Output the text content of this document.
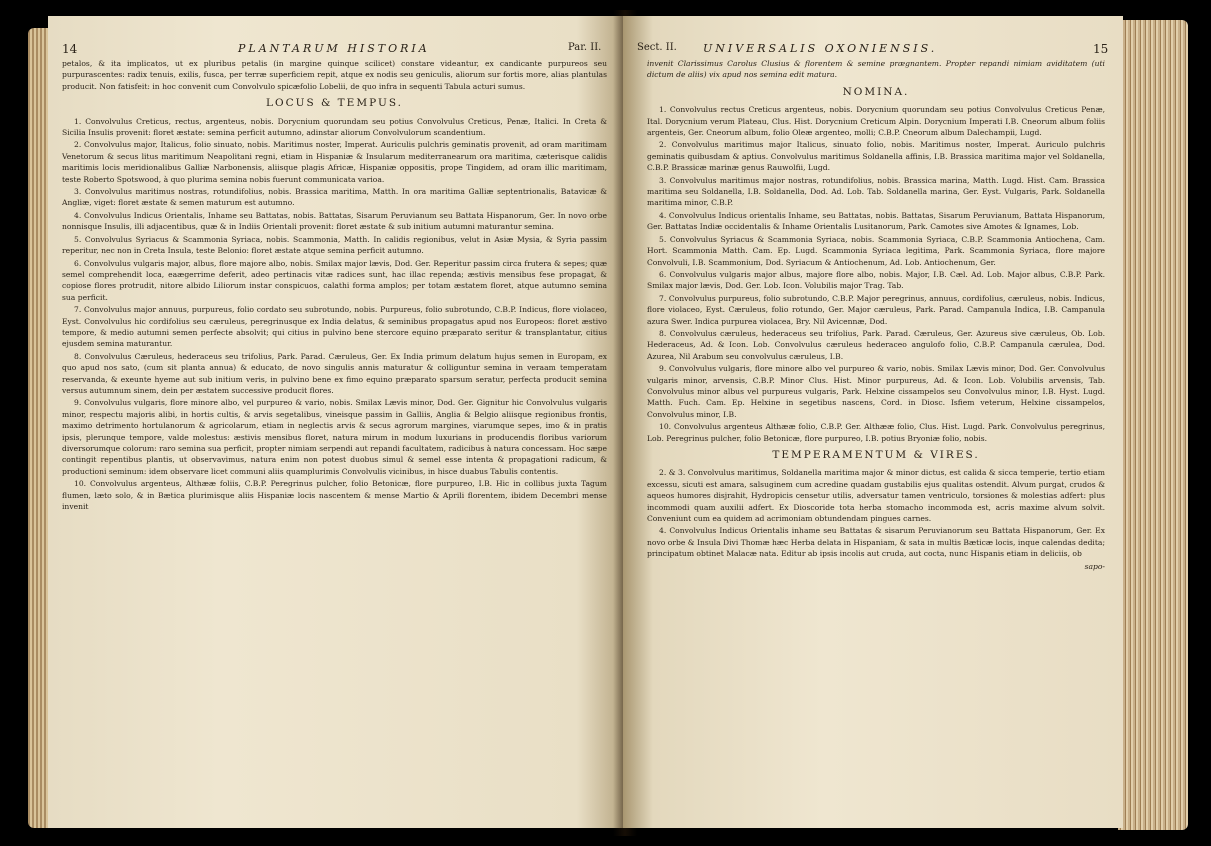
14	PLANTARUM HISTORIA	Par. II.
petalos, & ita implicatos, ut ex pluribus petalis (in margine quinque scilicet) constare videantur, ex candicante purpureos seu purpurascentes: radix tenuis, exilis, fusca, per terræ superficiem repit, atque ex nodis seu geniculis, aliorum sur fortis more, alias plantulas producit. Non fatisfeit: in hoc convenit cum Convolvulo spicæfolio Lobelii, de quo infra in sequenti Tabula acturi sumus.
LOCUS & TEMPUS.

1. Convolvulus Creticus, rectus, argenteus, nobis. Dorycnium quorundam seu potius Convolvulus Creticus, Penæ, Italici. In Creta & Sicilia Insulis provenit: floret æstate: semina perficit autumno, adinstar aliorum Convolvulorum scandentium.

2. Convolvulus major, Italicus, folio sinuato, nobis. Maritimus noster, Imperat. Auriculis pulchris geminatis provenit, ad oram maritimam Venetorum & secus litus maritimum Neapolitani regni, etiam in Hispaniæ & Insularum mediterranearum ora maritima, cæterisque calidis maritimis locis meridionalibus Galliæ Narbonensis, aliisque plagis Africæ, Hispaniæ oppositis, prope Tingidem, ad oram illic maritimam, teste Roberto Spotswood, à quo plurima semina nobis fuerunt communicata varioa.

3. Convolvulus maritimus nostras, rotundifolius, nobis. Brassica maritima, Matth. In ora maritima Galliæ septentrionalis, Batavicæ & Angliæ, viget: floret æstate & semen maturum est autumno.

4. Convolvulus Indicus Orientalis, Inhame seu Battatas, nobis. Battatas, Sisarum Peruvianum seu Battata Hispanorum, Ger. In novo orbe nonnisque Insulis, illi adjacentibus, quæ & in Indiis Orientali provenit: floret æstate & sub initium autumni maturantur semina.

5. Convolvulus Syriacus & Scammonia Syriaca, nobis. Scammonia, Matth. In calidis regionibus, velut in Asiæ Mysia, & Syria passim reperitur, nec non in Creta Insula, teste Belonio: floret æstate atque semina perficit autumno.

6. Convolvulus vulgaris major, albus, flore majore albo, nobis. Smilax major lævis, Dod. Ger. Reperitur passim circa frutera & sepes; quæ semel comprehendit loca, eaægerrime deferit, adeo pertinacis vitæ radices sunt, hac illac rependa; æstivis mensibus fese propagat, & copiose flores protrudit, nitore albido Liliorum instar conspicuos, calathi forma amplos; per totam æstatem floret, atque autumno semina sua perficit.

7. Convolvulus major annuus, purpureus, folio cordato seu subrotundo, nobis. Purpureus, folio subrotundo, C.B.P. Indicus, flore violaceo, Eyst. Convolvulus hic cordifolius seu cæruleus, peregrinusque ex India delatus, & seminibus propagatus apud nos Europeos: floret æstivo tempore, & medio autumni semen perfecte absolvit; qui citius in pulvino bene stercore equino præparato seritur & transplantatur, citius ejusdem semina maturantur.

8. Convolvulus Cæruleus, hederaceus seu trifolius, Park. Parad. Cæruleus, Ger. Ex India primum delatum hujus semen in Europam, ex quo apud nos sato, (cum sit planta annua) & educato, de novo singulis annis maturatur & colliguntur semina in veraam temperatam reservanda, & exeunte hyeme aut sub initium veris, in pulvino bene ex fimo equino præparato sparsum seratur, perfecta producit semina versus autumnum sinem, dein per æstatem successive producit flores.

9. Convolvulus vulgaris, flore minore albo, vel purpureo & vario, nobis. Smilax Lævis minor, Dod. Ger. Gignitur hic Convolvulus vulgaris minor, respectu majoris alibi, in hortis cultis, & arvis segetalibus, vineisque passim in Galliis, Anglia & Belgio aliisque regionibus frontis, maximo detrimento hortulanorum & agricolarum, etiam in neglectis arvis & secus agrorum margines, viarumque sepes, imo & in pratis ipsis, plerunque tempore, valde molestus: æstivis mensibus floret, natura mirum in modum luxurians in producendis floribus variorum diversorumque colorum: raro semina sua perficit, propter nimiam serpendi aut repandi facultatem, radicibus à natura concessam. Hoc sæpe contingit repentibus plantis, ut observavimus, natura enim non potest duobus simul & semel esse intenta & propagationi radicum, & productioni seminum: idem observare licet communi aliis quamplurimis Convolvulis vicinibus, in hisce duabus Tabulis contentis.

10. Convolvulus argenteus, Althææ foliis, C.B.P. Peregrinus pulcher, folio Betonicæ, flore purpureo, I.B. Hic in collibus juxta Tagum flumen, læto solo, & in Bætica plurimisque aliis Hispaniæ locis nascentem & mense Martio & Aprili florentem, ibidem Decembri mense invenit

Sect. II. UNIVERSALIS OXONIENSIS.	15
invenit Clarissimus Carolus Clusius & florentem & semine prægnantem. Propter repandi nimiam aviditatem (uti dictum de aliis) vix apud nos semina edit matura.
NOMINA.

1. Convolvulus rectus Creticus argenteus, nobis. Dorycnium quorundam seu potius Convolvulus Creticus Penæ, Ital. Dorycnium verum Plateau, Clus. Hist. Dorycnium Creticum Alpin. Dorycnium Imperati I.B. Cneorum album foliis argenteis, Ger. Cneorum album, folio Oleæ argenteo, molli; C.B.P. Cneorum album Dalechampii, Lugd.

2. Convolvulus maritimus major Italicus, sinuato folio, nobis. Maritimus noster, Imperat. Auriculo pulchris geminatis quibusdam & aptius. Convolvulus maritimus Soldanella affinis, I.B. Brassica maritima major vel Soldanella, C.B.P. Brassicæ marinæ genus Rauwolfii, Lugd.

3. Convolvulus maritimus major nostras, rotundifolius, nobis. Brassica marina, Matth. Lugd. Hist. Cam. Brassica maritima seu Soldanella, I.B. Soldanella, Dod. Ad. Lob. Tab. Soldanella marina, Ger. Eyst. Vulgaris, Park. Soldanella maritima minor, C.B.P.

4. Convolvulus Indicus orientalis Inhame, seu Battatas, nobis. Battatas, Sisarum Peruvianum, Battata Hispanorum, Ger. Battatas Indiæ occidentalis & Inhame Orientalis Lusitanorum, Park. Camotes sive Amotes & Ignames, Lob.

5. Convolvulus Syriacus & Scammonia Syriaca, nobis. Scammonia Syriaca, C.B.P. Scammonia Antiochena, Cam. Hort. Scammonia Matth. Cam. Ep. Lugd. Scammonia Syriaca legitima, Park. Scammonia Syriaca, flore majore Convolvuli, I.B. Scammonium, Dod. Syriacum & Antiochenum, Ad. Lob. Antiochenum, Ger.

6. Convolvulus vulgaris major albus, majore flore albo, nobis. Major, I.B. Cæl. Ad. Lob. Major albus, C.B.P. Park. Smilax major lævis, Dod. Ger. Lob. Icon. Volubilis major Trag. Tab.

7. Convolvulus purpureus, folio subrotundo, C.B.P. Major peregrinus, annuus, cordifolius, cæruleus, nobis. Indicus, flore violaceo, Eyst. Cæruleus, folio rotundo, Ger. Major cæruleus, Park. Parad. Campanula Indica, I.B. Campanula azura Swer. Indica purpurea violacea, Bry. Nil Avicennæ, Dod.

8. Convolvulus cæruleus, hederaceus seu trifolius, Park. Parad. Cæruleus, Ger. Azureus sive cæruleus, Ob. Lob. Hederaceus, Ad. & Icon. Lob. Convolvulus cæruleus hederaceo angulofo folio, C.B.P. Campanula cærulea, Dod. Azurea, Nil Arabum seu convolvulus cæruleus, I.B.

9. Convolvulus vulgaris, flore minore albo vel purpureo & vario, nobis. Smilax Lævis minor, Dod. Ger. Convolvulus vulgaris minor, arvensis, C.B.P. Minor Clus. Hist. Minor purpureus, Ad. & Icon. Lob. Volubilis arvensis, Tab. Convolvulus minor albus vel purpureus vulgaris, Park. Helxine cissampelos seu Convolvulus minor, I.B. Hyst. Lugd. Matth. Fuch. Cam. Ep. Helxine in segetibus nascens, Cord. in Diosc. Isfiem veterum, Helxine cissampelos, Convolvulus minor, I.B.

10. Convolvulus argenteus Althææ folio, C.B.P. Ger. Althææ folio, Clus. Hist. Lugd. Park. Convolvulus peregrinus, Lob. Peregrinus pulcher, folio Betonicæ, flore purpureo, I.B. potius Bryoniæ folio, nobis.

TEMPERAMENTUM & VIRES.

2. & 3. Convolvulus maritimus, Soldanella maritima major & minor dictus, est calida & sicca temperie, tertio etiam excessu, sicuti est amara, salsuginem cum acredine quadam gustabilis ejus qualitas ostendit. Alvum purgat, crudos & aqueos humores disjrahit, Hydropicis censetur utilis, adversatur tamen ventriculo, torsiones & molestias adfert: plus incommodi quam auxilii adfert. Ex Dioscoride tota herba stomacho incommoda est, acris maxime alvum solvit. Conveniunt cum ea quidem ad acrimoniam obtundendam pingues carnes.

4. Convolvulus Indicus Orientalis inhame seu Battatas & sisarum Peruvianorum seu Battata Hispanorum, Ger. Ex novo orbe & Insula Divi Thomæ hæc Herba delata in Hispaniam, & sata in multis Bæticæ locis, inque calendas dedita; principatum obtinet Malacæ nata. Editur ab ipsis incolis aut cruda, aut cocta, nunc Hispanis etiam in deliciis, ob

sapo-
